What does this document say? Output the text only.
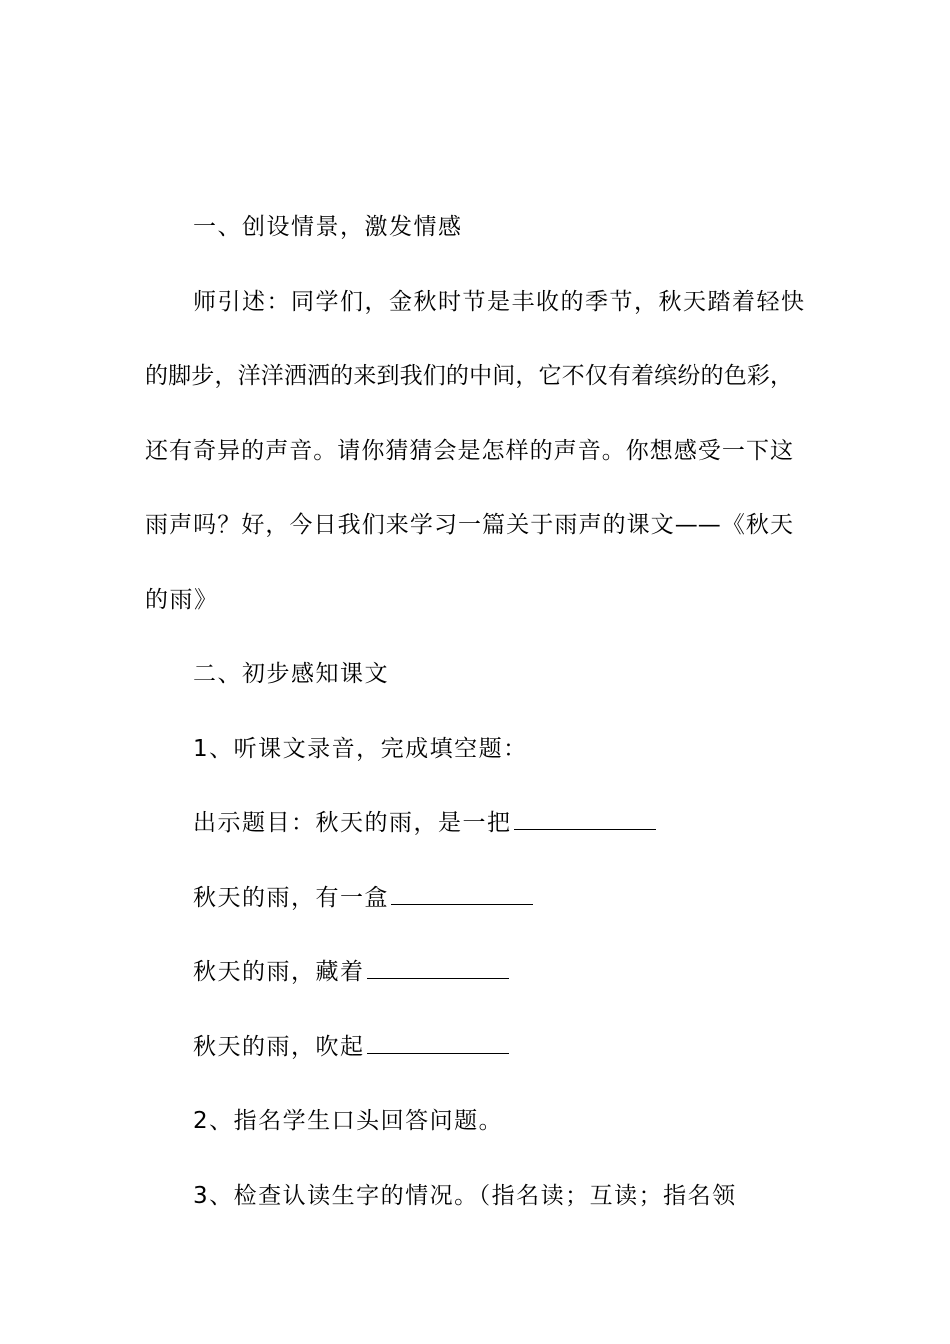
一、创设情景，激发情感
师引述：同学们，金秋时节是丰收的季节，秋天踏着轻快
的脚步，洋洋洒洒的来到我们的中间，它不仅有着缤纷的色彩，
还有奇异的声音。请你猜猜会是怎样的声音。你想感受一下这
雨声吗？好，今日我们来学习一篇关于雨声的课文——《秋天
的雨》
二、初步感知课文
1、听课文录音，完成填空题：
出示题目：秋天的雨，是一把
秋天的雨，有一盒
秋天的雨，藏着
秋天的雨，吹起
2、指名学生口头回答问题。
3、检查认读生字的情况。（指名读；互读；指名领
